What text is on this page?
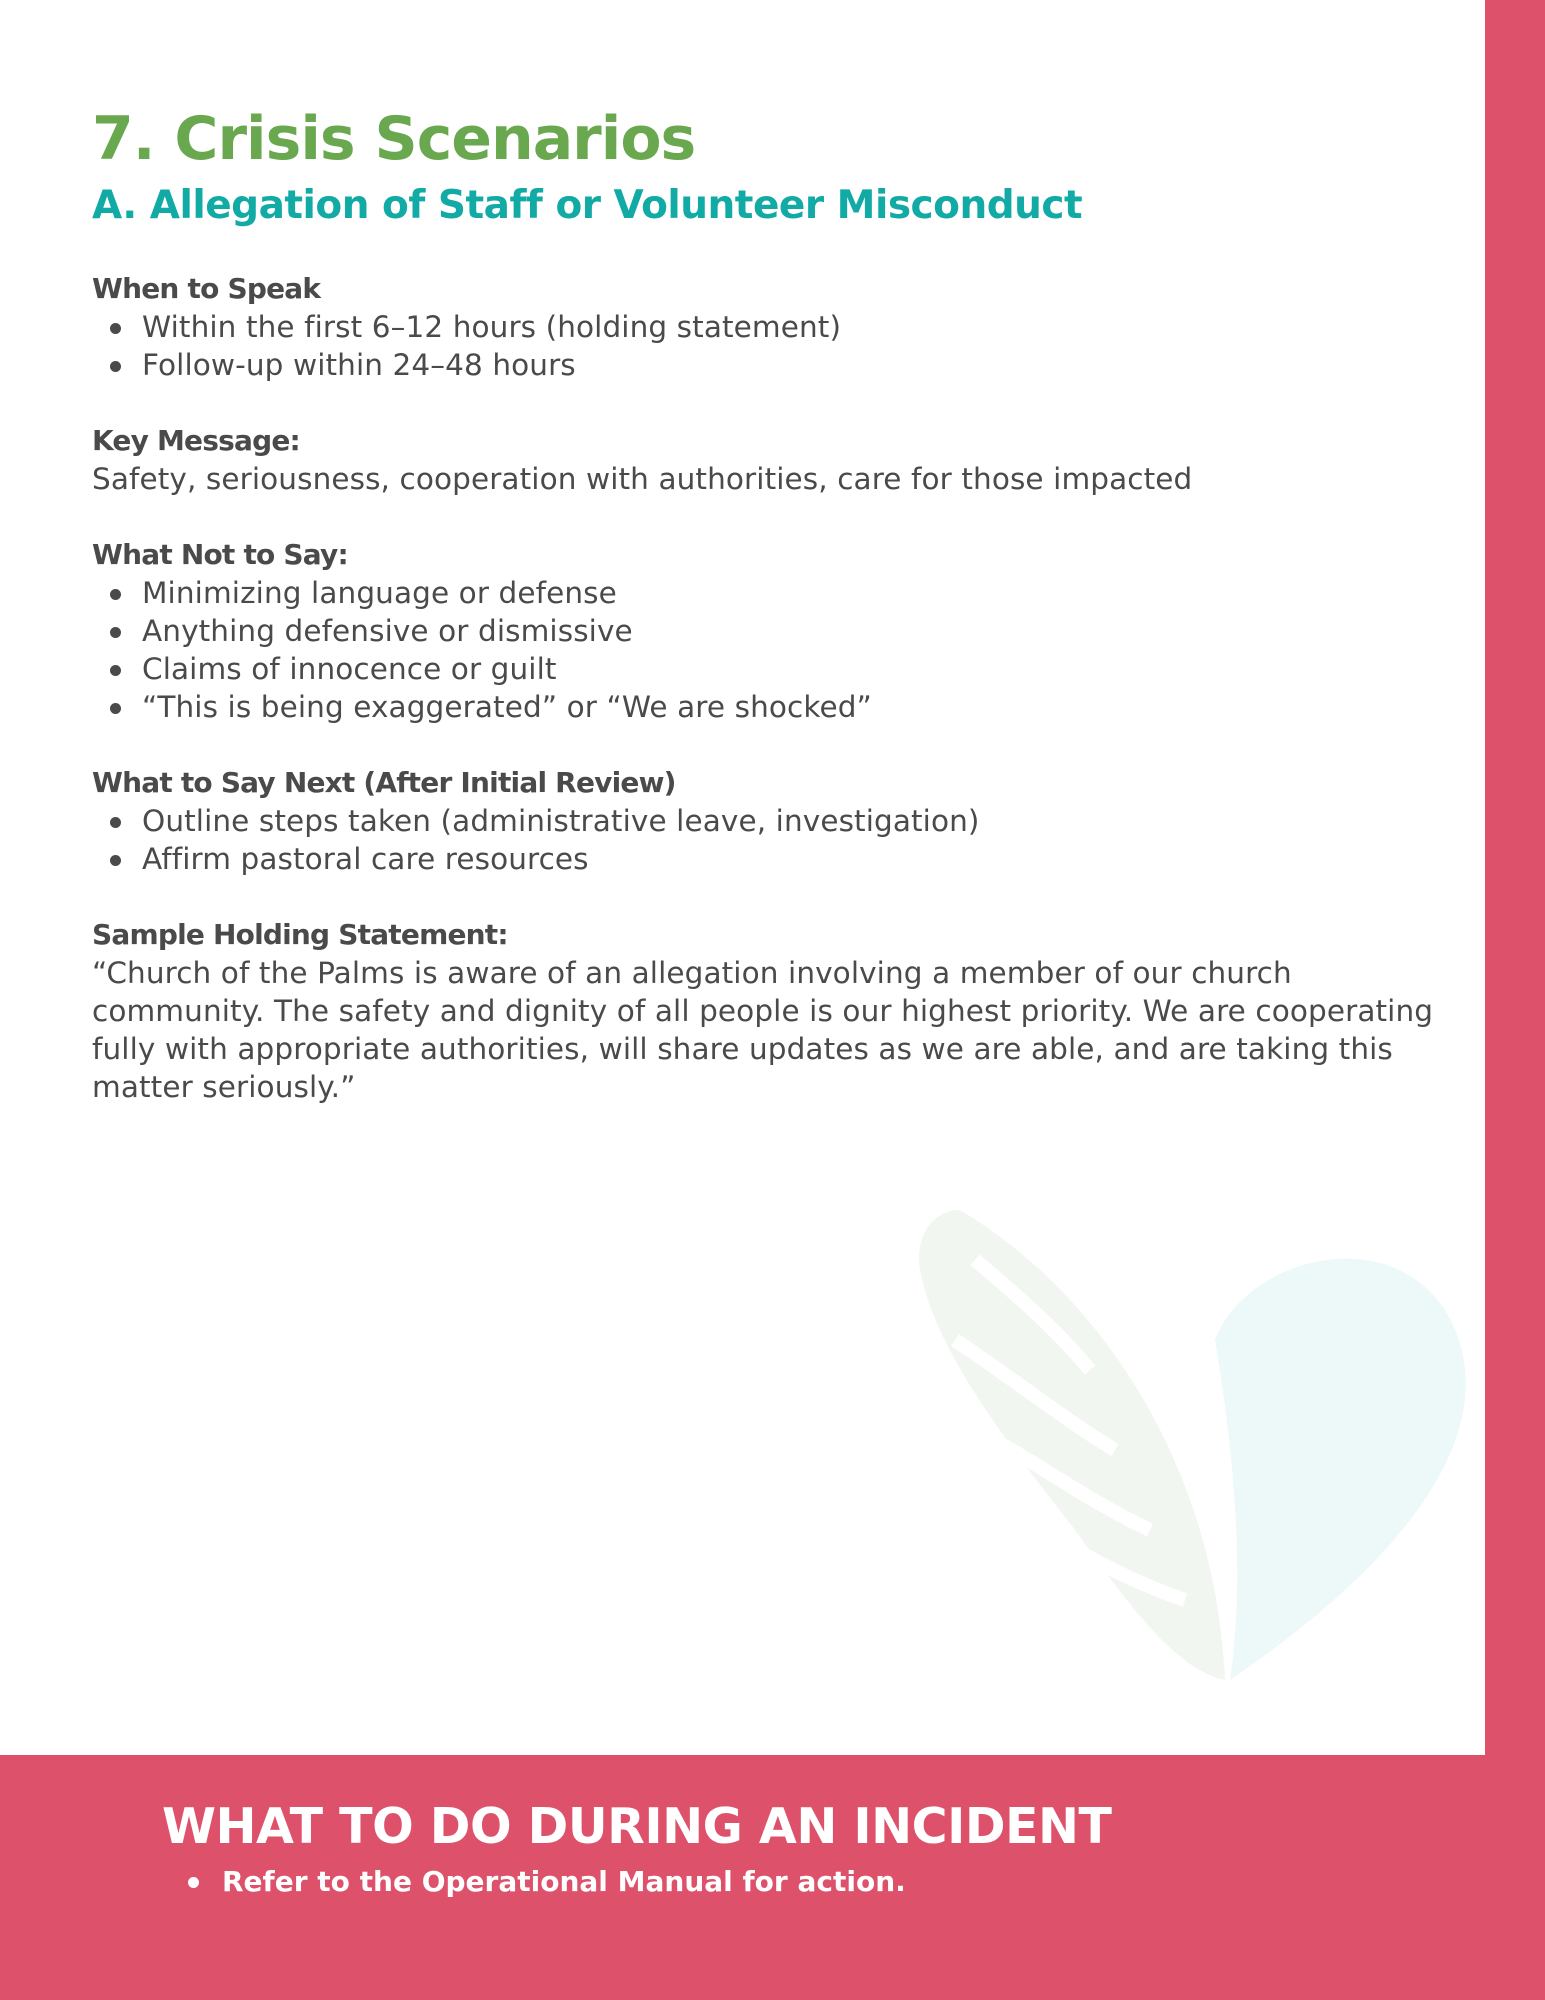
7. Crisis Scenarios
A. Allegation of Staff or Volunteer Misconduct
When to Speak
Within the first 6–12 hours (holding statement)
Follow-up within 24–48 hours
Key Message:

Safety, seriousness, cooperation with authorities, care for those impacted

What Not to Say:
Minimizing language or defense
Anything defensive or dismissive
Claims of innocence or guilt
“This is being exaggerated” or “We are shocked”
What to Say Next (After Initial Review)
Outline steps taken (administrative leave, investigation)
Affirm pastoral care resources
Sample Holding Statement:

“Church of the Palms is aware of an allegation involving a member of our church community. The safety and dignity of all people is our highest priority. We are cooperating fully with appropriate authorities, will share updates as we are able, and are taking this matter seriously.”

WHAT TO DO DURING AN INCIDENT
Refer to the Operational Manual for action.
